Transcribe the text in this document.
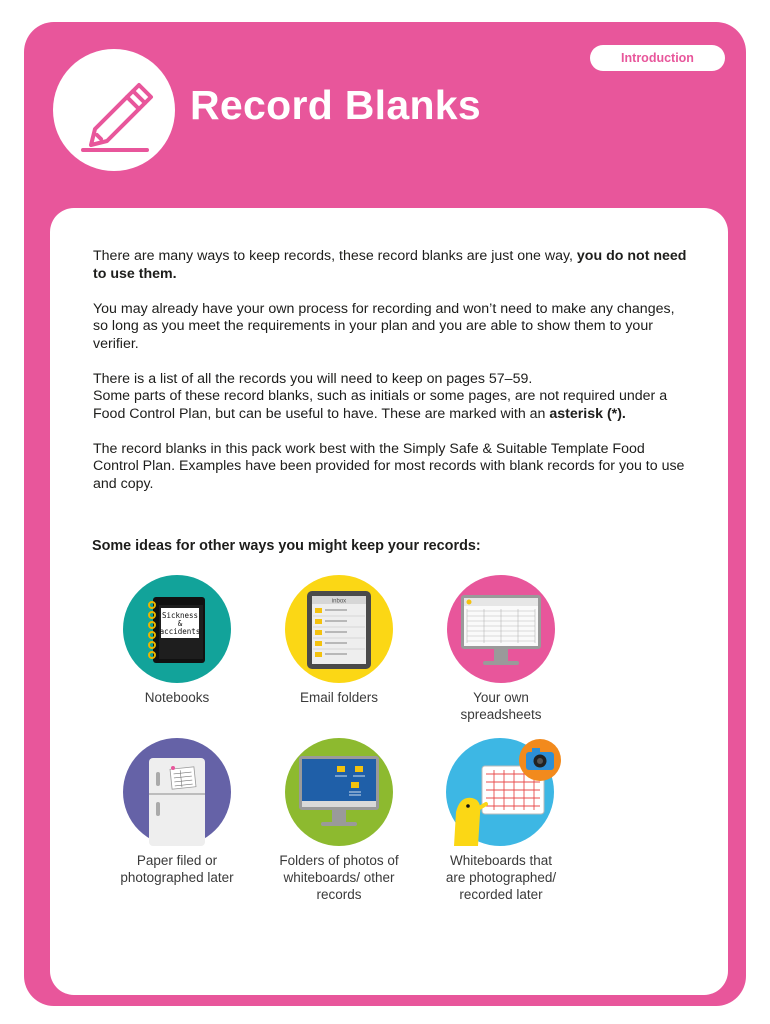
Introduction
Record Blanks

There are many ways to keep records, these record blanks are just one way, you do not need to use them.

You may already have your own process for recording and won’t need to make any changes, so long as you meet the requirements in your plan and you are able to show them to your verifier.

There is a list of all the records you will need to keep on pages 57–59.
Some parts of these record blanks, such as initials or some pages, are not required under a Food Control Plan, but can be useful to have. These are marked with an asterisk (*).

The record blanks in this pack work best with the Simply Safe & Suitable Template Food Control Plan. Examples have been provided for most records with blank records for you to use and copy.

Some ideas for other ways you might keep your records:
Sickness
&
accidents
Notebooks
inbox
Email folders	Your own spreadsheets
Paper filed or photographed later
Folders of photos of whiteboards/ other records
Whiteboards that are photographed/ recorded later
